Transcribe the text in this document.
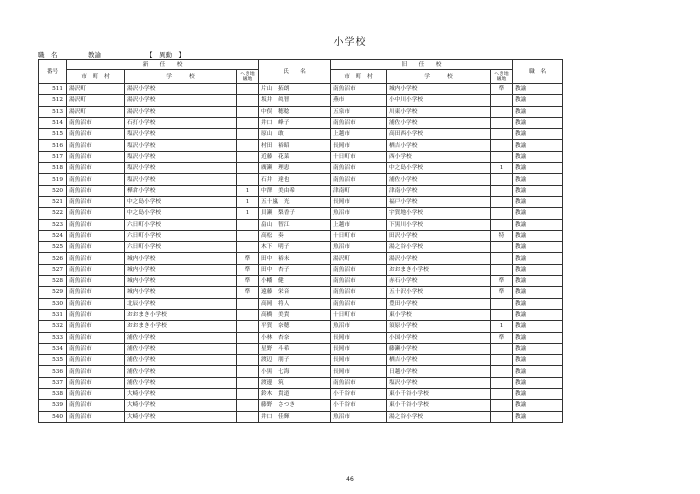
小学校
職　名	教諭	【　異動　】
番号	新　　任　　校			氏　　名	旧　　任　　校			職　名
	市　町　村	学　　　校	へき地級地		市　町　村	学　　　校	へき地級地	
511	湯沢町	湯沢小学校		片山　拓朗	南魚沼市	城内小学校	準	教諭
512	湯沢町	湯沢小学校		坂井　眞智	燕市	小中川小学校		教諭
513	湯沢町	湯沢小学校		中俣　穂稔	五泉市	川東小学校		教諭
514	南魚沼市	石打小学校		井口　峰子	南魚沼市	浦佐小学校		教諭
515	南魚沼市	塩沢小学校		原山　敢	上越市	高田西小学校		教諭
516	南魚沼市	塩沢小学校		村田　裕昭	長岡市	栖吉小学校		教諭
517	南魚沼市	塩沢小学校		近藤　花菜	十日町市	西小学校		教諭
518	南魚沼市	塩沢小学校		廣瀬　理恵	南魚沼市	中之島小学校	1	教諭
519	南魚沼市	塩沢小学校		石井　達也	南魚沼市	浦佐小学校		教諭
520	南魚沼市	樺倉小学校	1	中澤　美由希	津南町	津南小学校		教諭
521	南魚沼市	中之島小学校	1	五十嵐　光	長岡市	福戸小学校		教諭
522	南魚沼市	中之島小学校	1	貝瀬　梨香子	魚沼市	宇賀地小学校		教諭
523	南魚沼市	六日町小学校		畠山　智江	上越市	下黒川小学校		教諭
524	南魚沼市	六日町小学校		高松　奏	十日町市	田沢小学校	特	教諭
525	南魚沼市	六日町小学校		木下　明子	魚沼市	湯之谷小学校		教諭
526	南魚沼市	城内小学校	準	田中　裕未	湯沢町	湯沢小学校		教諭
527	南魚沼市	城内小学校	準	田中　杏子	南魚沼市	おおまき小学校		教諭
528	南魚沼市	城内小学校	準	小幡　健	南魚沼市	赤石小学校	準	教諭
529	南魚沼市	城内小学校	準	遠藤　栄音	南魚沼市	五十沢小学校	準	教諭
530	南魚沼市	北辰小学校		高岡　将人	南魚沼市	豊田小学校		教諭
531	南魚沼市	おおまき小学校		高橋　美貴	十日町市	東小学校		教諭
532	南魚沼市	おおまき小学校		平賀　奈穂	魚沼市	須原小学校	1	教諭
533	南魚沼市	浦佐小学校		小林　杏奈	長岡市	小国小学校	準	教諭
534	南魚沼市	浦佐小学校		星野　斗希	長岡市	藤瀬小学校		教諭
535	南魚沼市	浦佐小学校		渡辺　朋子	長岡市	栖吉小学校		教諭
536	南魚沼市	浦佐小学校		小黒　七海	長岡市	日越小学校		教諭
537	南魚沼市	浦佐小学校		渡邊　筑	南魚沼市	塩沢小学校		教諭
538	南魚沼市	大崎小学校		鈴木　貴道	小千谷市	東小千谷小学校		教諭
539	南魚沼市	大崎小学校		藤野　さつき	小千谷市	東小千谷小学校		教諭
540	南魚沼市	大崎小学校		井口　佳輝	魚沼市	湯之谷小学校		教諭
46
